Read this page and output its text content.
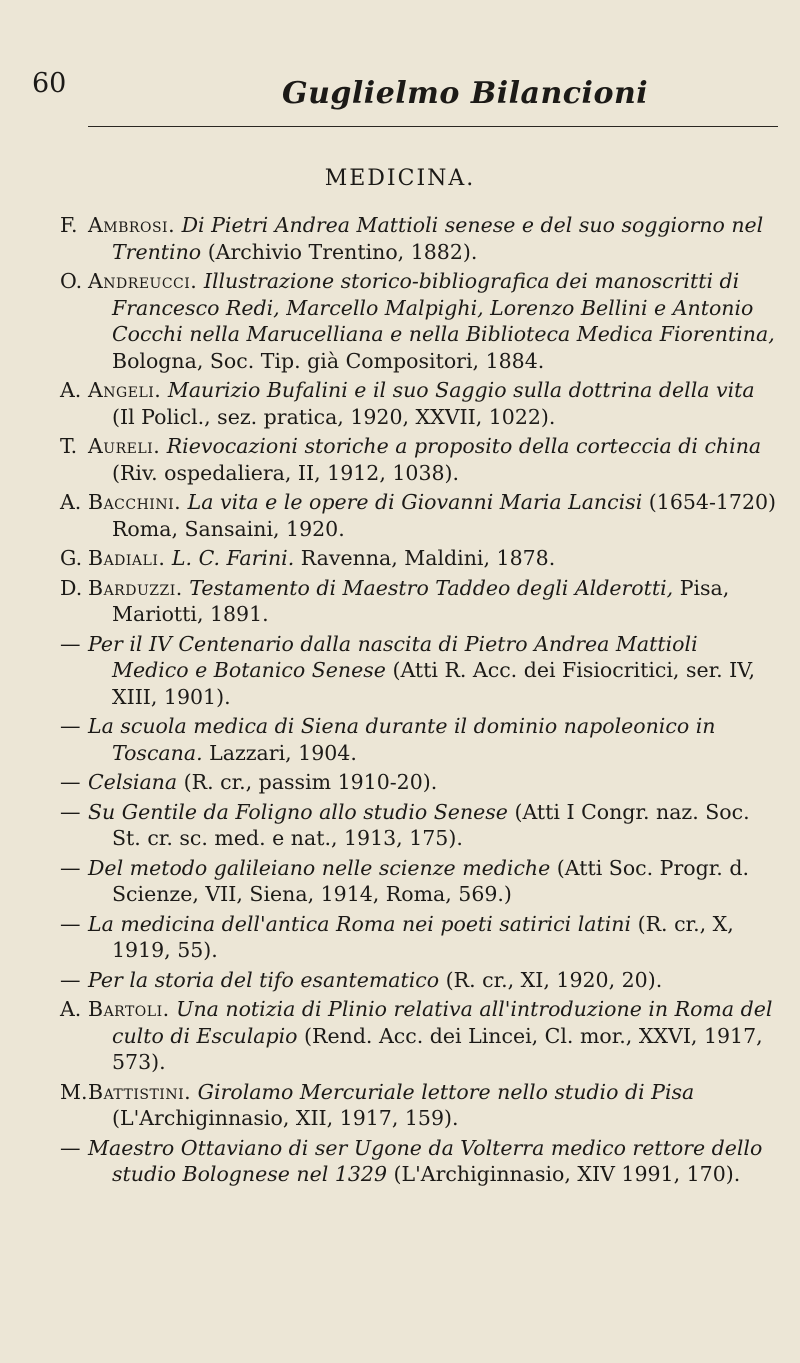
60	Guglielmo Bilancioni
MEDICINA.
F. Ambrosi. Di Pietri Andrea Mattioli senese e del suo soggiorno nel Trentino (Archivio Trentino, 1882).
O. Andreucci. Illustrazione storico-bibliografica dei manoscritti di Francesco Redi, Marcello Malpighi, Lorenzo Bellini e Antonio Cocchi nella Marucelliana e nella Biblioteca Medica Fiorentina, Bologna, Soc. Tip. già Compositori, 1884.
A. Angeli. Maurizio Bufalini e il suo Saggio sulla dottrina della vita (Il Policl., sez. pratica, 1920, XXVII, 1022).
T. Aureli. Rievocazioni storiche a proposito della corteccia di china (Riv. ospedaliera, II, 1912, 1038).
A. Bacchini. La vita e le opere di Giovanni Maria Lancisi (1654-1720) Roma, Sansaini, 1920.
G. Badiali. L. C. Farini. Ravenna, Maldini, 1878.
D. Barduzzi. Testamento di Maestro Taddeo degli Alderotti, Pisa, Mariotti, 1891.
— Per il IV Centenario dalla nascita di Pietro Andrea Mattioli Medico e Botanico Senese (Atti R. Acc. dei Fisiocritici, ser. IV, XIII, 1901).
— La scuola medica di Siena durante il dominio napoleonico in Toscana. Lazzari, 1904.
— Celsiana (R. cr., passim 1910-20).
— Su Gentile da Foligno allo studio Senese (Atti I Congr. naz. Soc. St. cr. sc. med. e nat., 1913, 175).
— Del metodo galileiano nelle scienze mediche (Atti Soc. Progr. d. Scienze, VII, Siena, 1914, Roma, 569.)
— La medicina dell'antica Roma nei poeti satirici latini (R. cr., X, 1919, 55).
— Per la storia del tifo esantematico (R. cr., XI, 1920, 20).
A. Bartoli. Una notizia di Plinio relativa all'introduzione in Roma del culto di Esculapio (Rend. Acc. dei Lincei, Cl. mor., XXVI, 1917, 573).
M. Battistini. Girolamo Mercuriale lettore nello studio di Pisa (L'Archiginnasio, XII, 1917, 159).
— Maestro Ottaviano di ser Ugone da Volterra medico rettore dello studio Bolognese nel 1329 (L'Archiginnasio, XIV 1991, 170).
